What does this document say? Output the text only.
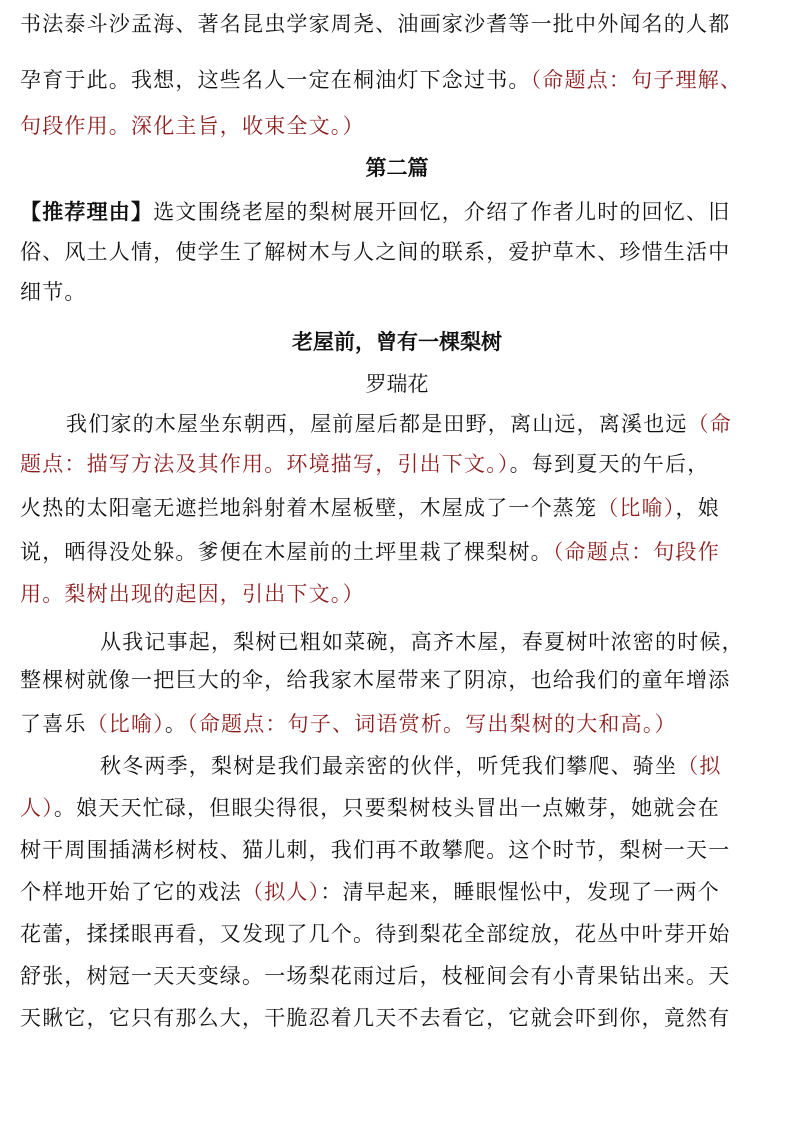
书法泰斗沙孟海、著名昆虫学家周尧、油画家沙耆等一批中外闻名的人都
孕育于此。我想，这些名人一定在桐油灯下念过书。（命题点：句子理解、
句段作用。深化主旨，收束全文。）
第二篇
【推荐理由】选文围绕老屋的梨树展开回忆，介绍了作者儿时的回忆、旧
俗、风土人情，使学生了解树木与人之间的联系，爱护草木、珍惜生活中
细节。
老屋前，曾有一棵梨树
罗瑞花
我们家的木屋坐东朝西，屋前屋后都是田野，离山远，离溪也远（命
题点：描写方法及其作用。环境描写，引出下文。）。每到夏天的午后，
火热的太阳毫无遮拦地斜射着木屋板壁，木屋成了一个蒸笼（比喻），娘
说，晒得没处躲。爹便在木屋前的土坪里栽了棵梨树。（命题点：句段作
用。梨树出现的起因，引出下文。）
从我记事起，梨树已粗如菜碗，高齐木屋，春夏树叶浓密的时候，
整棵树就像一把巨大的伞，给我家木屋带来了阴凉，也给我们的童年增添
了喜乐（比喻）。（命题点：句子、词语赏析。写出梨树的大和高。）
秋冬两季，梨树是我们最亲密的伙伴，听凭我们攀爬、骑坐（拟
人）。娘天天忙碌，但眼尖得很，只要梨树枝头冒出一点嫩芽，她就会在
树干周围插满杉树枝、猫儿刺，我们再不敢攀爬。这个时节，梨树一天一
个样地开始了它的戏法（拟人）：清早起来，睡眼惺忪中，发现了一两个
花蕾，揉揉眼再看，又发现了几个。待到梨花全部绽放，花丛中叶芽开始
舒张，树冠一天天变绿。一场梨花雨过后，枝桠间会有小青果钻出来。天
天瞅它，它只有那么大，干脆忍着几天不去看它，它就会吓到你，竟然有
